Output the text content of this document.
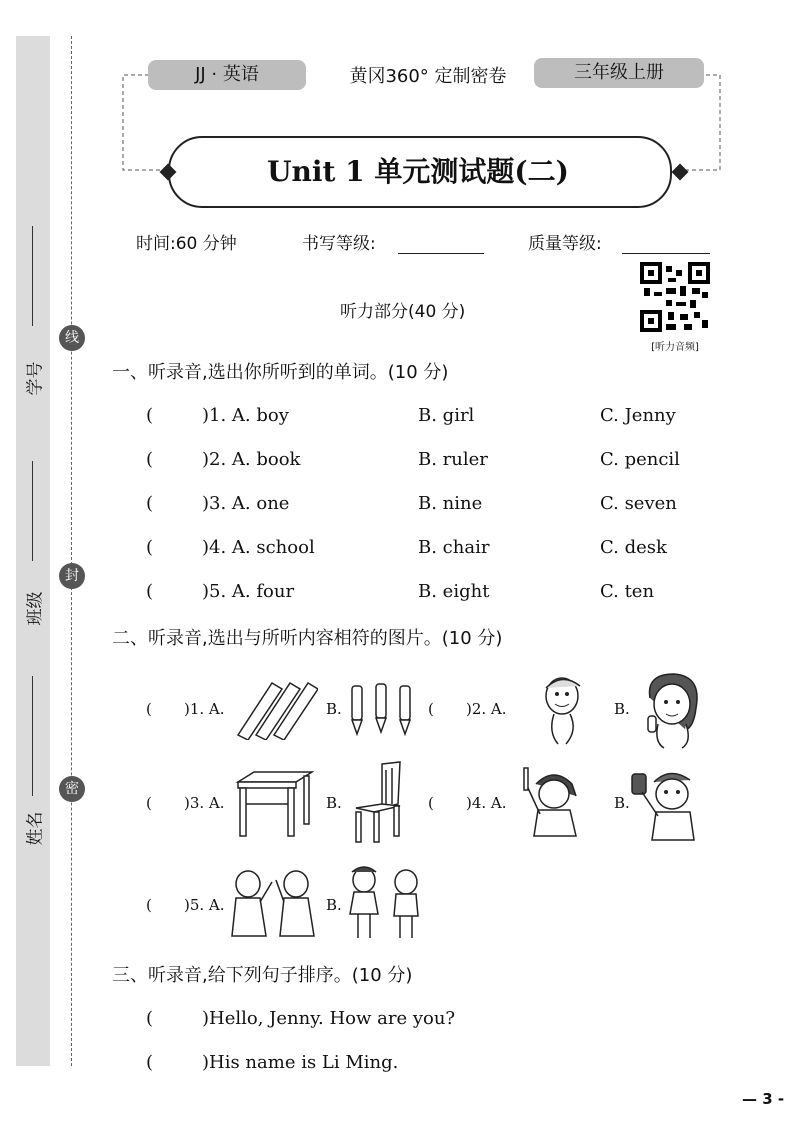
学号
班级
姓名
线
封
密
JJ · 英语	黄冈360° 定制密卷	三年级上册
Unit 1 单元测试题(二)
时间:60 分钟	书写等级:	质量等级:
[听力音频]
听力部分(40 分)
一、听录音,选出你所听到的单词。(10 分)
(	)1. A. boy	B. girl	C. Jenny
(	)2. A. book	B. ruler	C. pencil
(	)3. A. one	B. nine	C. seven
(	)4. A. school	B. chair	C. desk
(	)5. A. four	B. eight	C. ten
二、听录音,选出与所听内容相符的图片。(10 分)
( )1. A.	B.	( )2. A.	B.
( )3. A.	B.	( )4. A.	B.
( )5. A.	B.
三、听录音,给下列句子排序。(10 分)
(	)Hello, Jenny. How are you?
(	)His name is Li Ming.
— 3 -
